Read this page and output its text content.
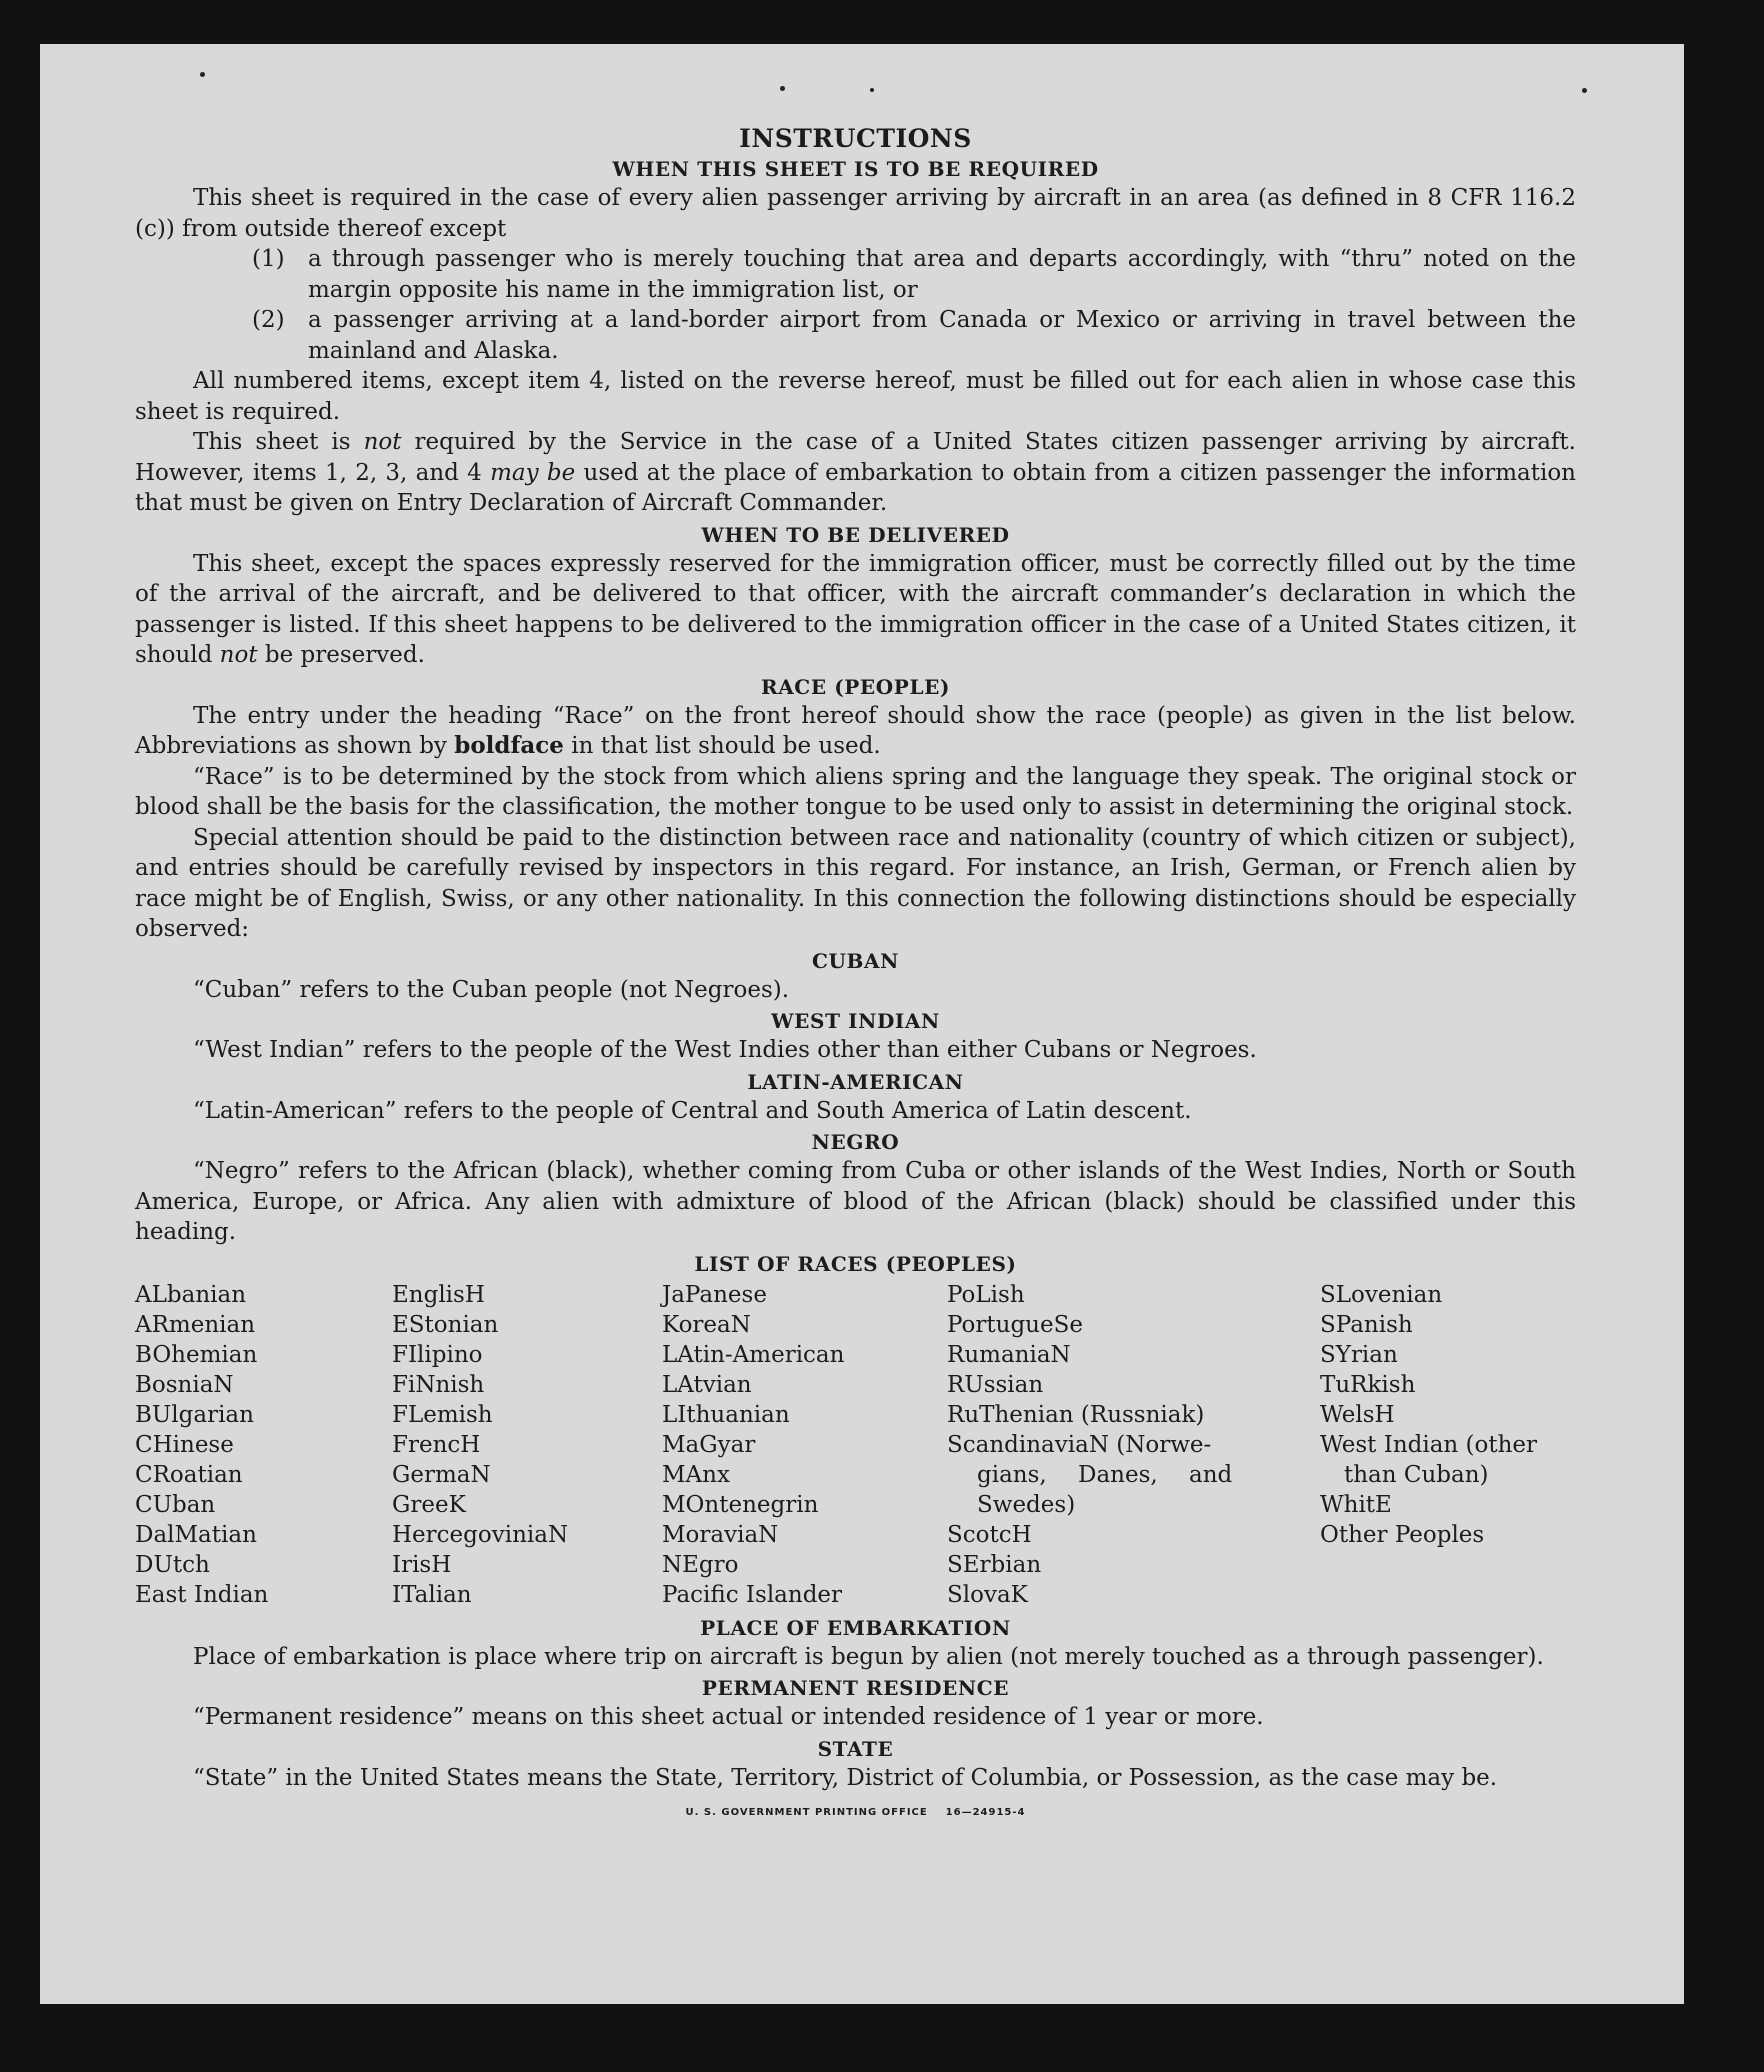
INSTRUCTIONS
WHEN THIS SHEET IS TO BE REQUIRED

This sheet is required in the case of every alien passenger arriving by aircraft in an area (as defined in 8 CFR 116.2 (c)) from outside thereof except

(1)	a through passenger who is merely touching that area and departs accordingly, with “thru” noted on the margin opposite his name in the immigration list, or
(2)	a passenger arriving at a land-border airport from Canada or Mexico or arriving in travel between the mainland and Alaska.

All numbered items, except item 4, listed on the reverse hereof, must be filled out for each alien in whose case this sheet is required.

This sheet is not required by the Service in the case of a United States citizen passenger arriving by aircraft. However, items 1, 2, 3, and 4 may be used at the place of embarkation to obtain from a citizen passenger the information that must be given on Entry Declaration of Aircraft Commander.

WHEN TO BE DELIVERED

This sheet, except the spaces expressly reserved for the immigration officer, must be correctly filled out by the time of the arrival of the aircraft, and be delivered to that officer, with the aircraft commander’s declaration in which the passenger is listed. If this sheet happens to be delivered to the immigration officer in the case of a United States citizen, it should not be preserved.

RACE (PEOPLE)

The entry under the heading “Race” on the front hereof should show the race (people) as given in the list below. Abbreviations as shown by boldface in that list should be used.

“Race” is to be determined by the stock from which aliens spring and the language they speak. The original stock or blood shall be the basis for the classification, the mother tongue to be used only to assist in determining the original stock.

Special attention should be paid to the distinction between race and nationality (country of which citizen or subject), and entries should be carefully revised by inspectors in this regard. For instance, an Irish, German, or French alien by race might be of English, Swiss, or any other nationality. In this connection the following distinctions should be especially observed:

CUBAN

“Cuban” refers to the Cuban people (not Negroes).

WEST INDIAN

“West Indian” refers to the people of the West Indies other than either Cubans or Negroes.

LATIN-AMERICAN

“Latin-American” refers to the people of Central and South America of Latin descent.

NEGRO

“Negro” refers to the African (black), whether coming from Cuba or other islands of the West Indies, North or South America, Europe, or Africa. Any alien with admixture of blood of the African (black) should be classified under this heading.

LIST OF RACES (PEOPLES)
ALbanian
ARmenian
BOhemian
BosniaN
BUlgarian
CHinese
CRoatian
CUban
DalMatian
DUtch
East Indian
EnglisH
EStonian
FIlipino
FiNnish
FLemish
FrencH
GermaN
GreeK
HercegoviniaN
IrisH
ITalian
JaPanese
KoreaN
LAtin-American
LAtvian
LIthuanian
MaGyar
MAnx
MOntenegrin
MoraviaN
NEgro
Pacific Islander
PoLish
PortugueSe
RumaniaN
RUssian
RuThenian (Russniak)
ScandinaviaN (Norwe-
gians, Danes, and
Swedes)
ScotcH
SErbian
SlovaK
SLovenian
SPanish
SYrian
TuRkish
WelsH
West Indian (other
than Cuban)
WhitE
Other Peoples
PLACE OF EMBARKATION

Place of embarkation is place where trip on aircraft is begun by alien (not merely touched as a through passenger).

PERMANENT RESIDENCE

“Permanent residence” means on this sheet actual or intended residence of 1 year or more.

STATE

“State” in the United States means the State, Territory, District of Columbia, or Possession, as the case may be.

U. S. GOVERNMENT PRINTING OFFICE    16—24915-4
